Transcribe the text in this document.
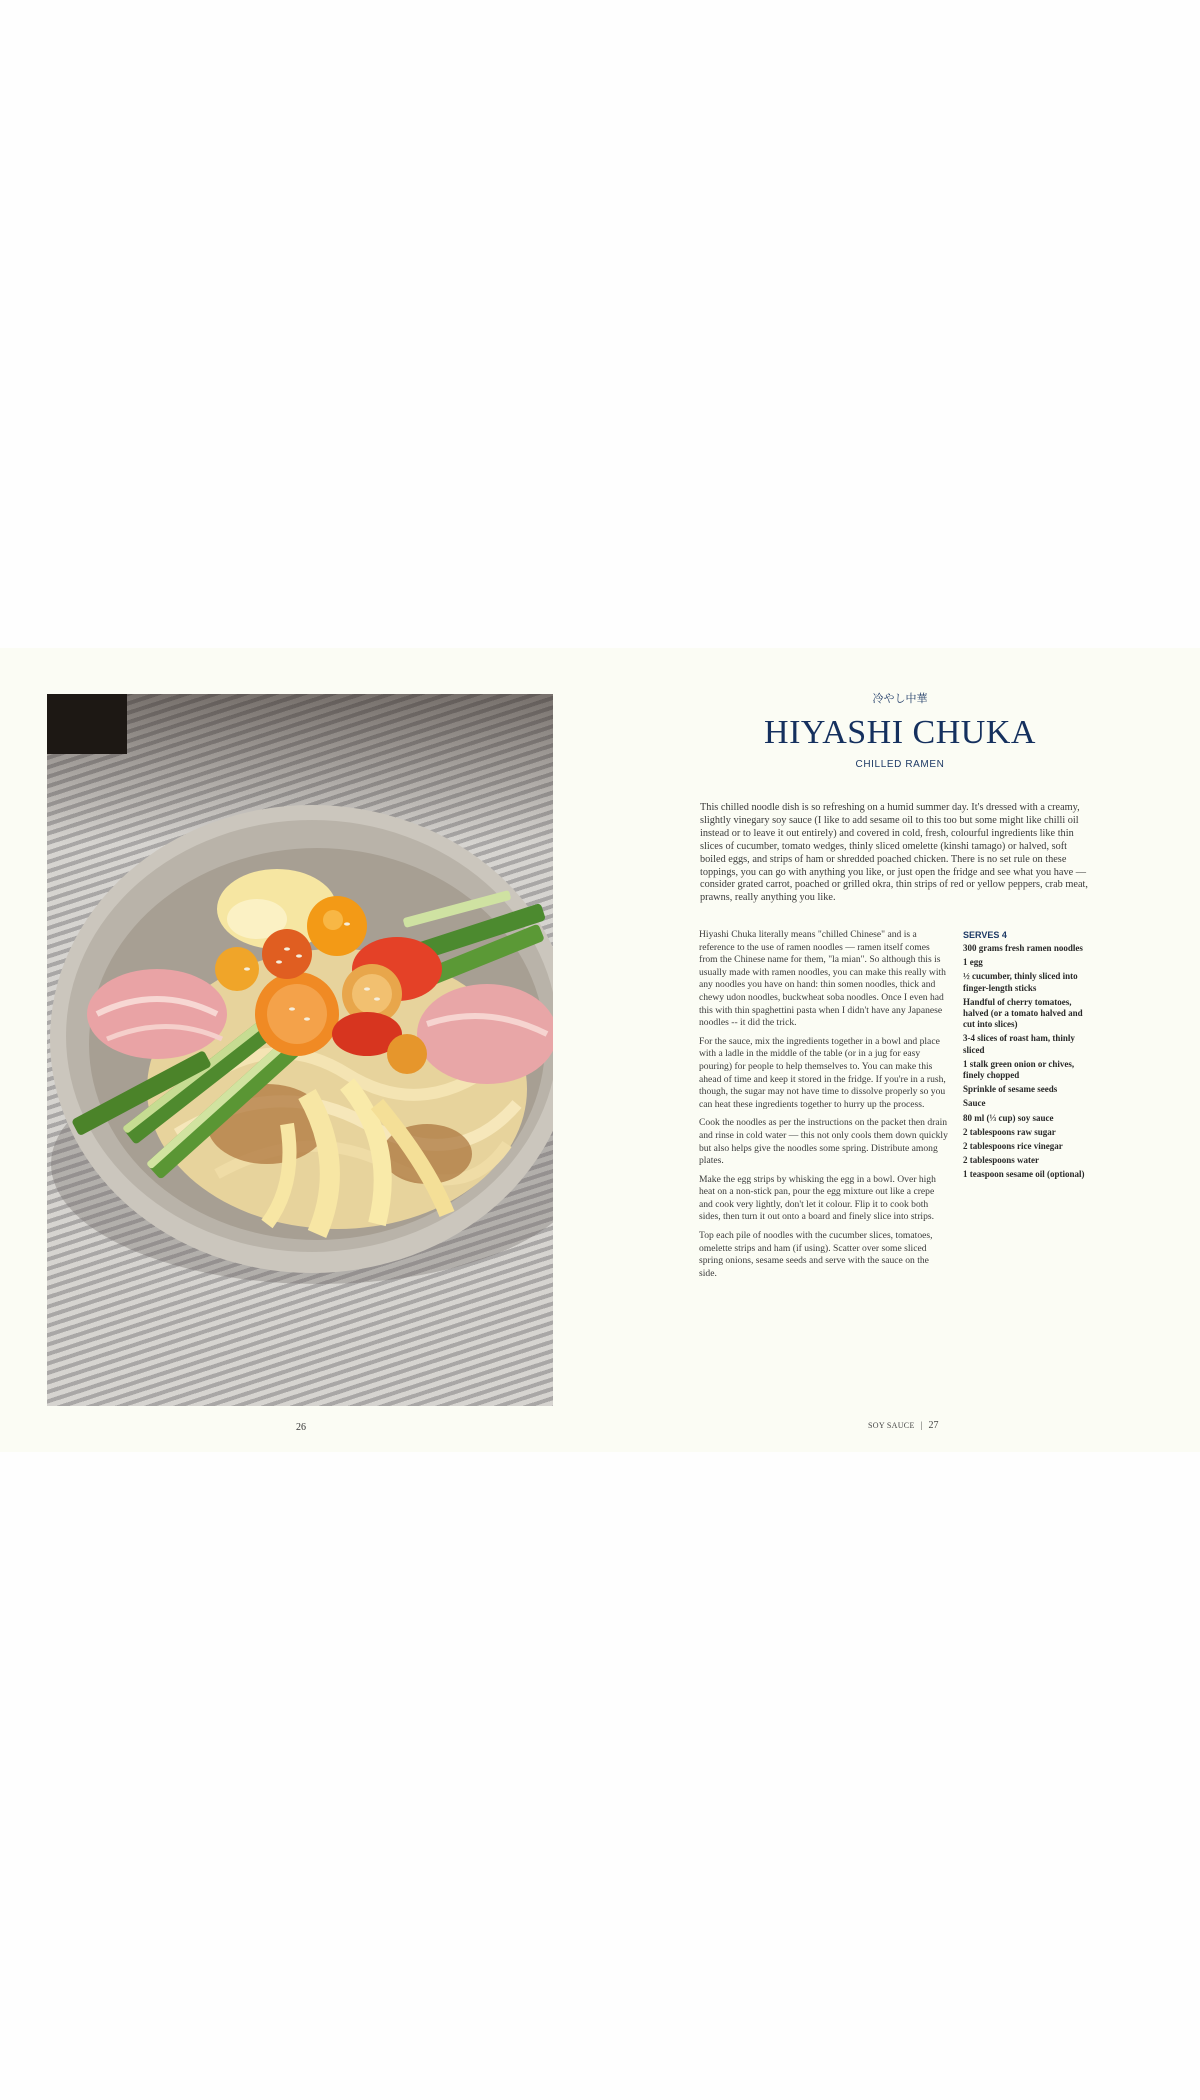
26
冷やし中華
HIYASHI CHUKA
CHILLED RAMEN

This chilled noodle dish is so refreshing on a humid summer day. It's dressed with a creamy, slightly vinegary soy sauce (I like to add sesame oil to this too but some might like chilli oil instead or to leave it out entirely) and covered in cold, fresh, colourful ingredients like thin slices of cucumber, tomato wedges, thinly sliced omelette (kinshi tamago) or halved, soft boiled eggs, and strips of ham or shredded poached chicken. There is no set rule on these toppings, you can go with anything you like, or just open the fridge and see what you have — consider grated carrot, poached or grilled okra, thin strips of red or yellow peppers, crab meat, prawns, really anything you like.

Hiyashi Chuka literally means "chilled Chinese" and is a reference to the use of ramen noodles — ramen itself comes from the Chinese name for them, "la mian". So although this is usually made with ramen noodles, you can make this really with any noodles you have on hand: thin somen noodles, thick and chewy udon noodles, buckwheat soba noodles. Once I even had this with thin spaghettini pasta when I didn't have any Japanese noodles -- it did the trick.

For the sauce, mix the ingredients together in a bowl and place with a ladle in the middle of the table (or in a jug for easy pouring) for people to help themselves to. You can make this ahead of time and keep it stored in the fridge. If you're in a rush, though, the sugar may not have time to dissolve properly so you can heat these ingredients together to hurry up the process.

Cook the noodles as per the instructions on the packet then drain and rinse in cold water — this not only cools them down quickly but also helps give the noodles some spring. Distribute among plates.

Make the egg strips by whisking the egg in a bowl. Over high heat on a non-stick pan, pour the egg mixture out like a crepe and cook very lightly, don't let it colour. Flip it to cook both sides, then turn it out onto a board and finely slice into strips.

Top each pile of noodles with the cucumber slices, tomatoes, omelette strips and ham (if using). Scatter over some sliced spring onions, sesame seeds and serve with the sauce on the side.

SERVES 4
300 grams fresh ramen noodles
1 egg
½ cucumber, thinly sliced into finger-length sticks
Handful of cherry tomatoes, halved (or a tomato halved and cut into slices)
3-4 slices of roast ham, thinly sliced
1 stalk green onion or chives, finely chopped
Sprinkle of sesame seeds
Sauce
80 ml (⅓ cup) soy sauce
2 tablespoons raw sugar
2 tablespoons rice vinegar
2 tablespoons water
1 teaspoon sesame oil (optional)
SOY SAUCE | 27
